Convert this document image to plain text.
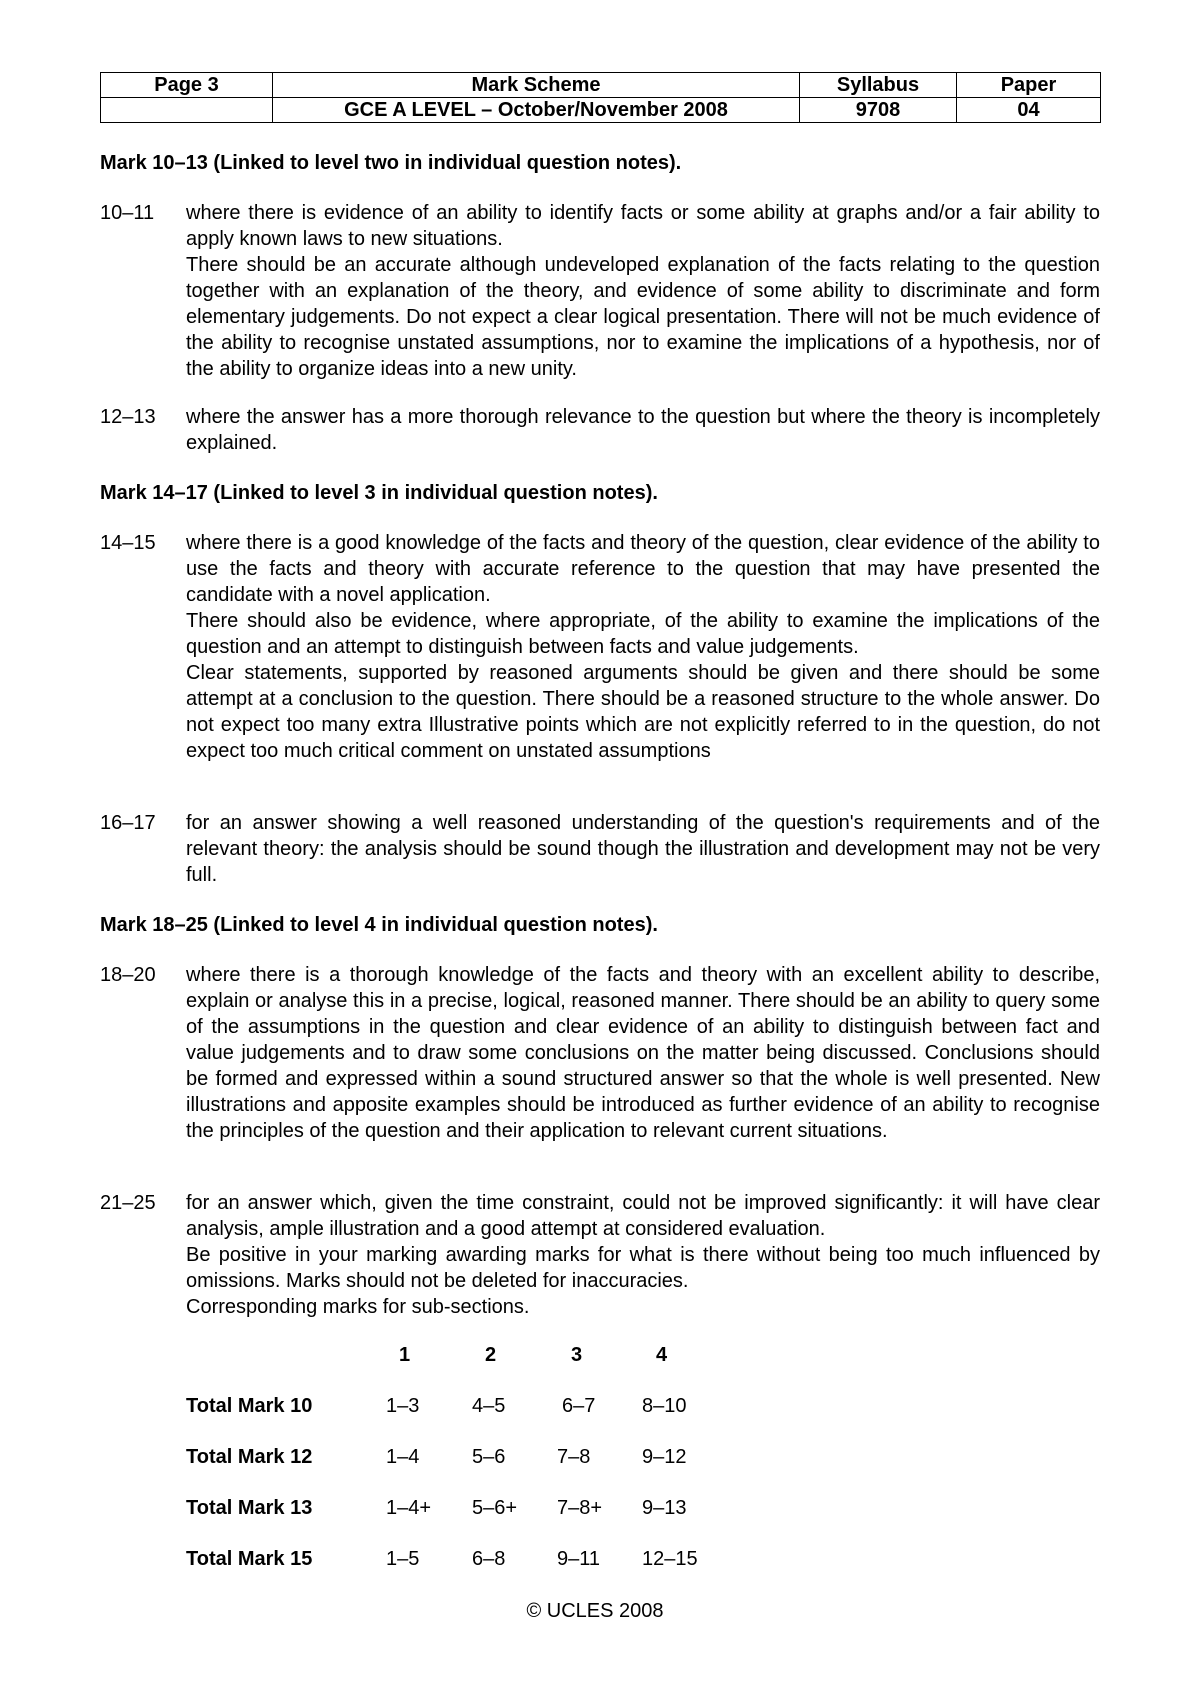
Page 3	Mark Scheme	Syllabus	Paper
	GCE A LEVEL – October/November 2008	9708	04

Mark 10–13 (Linked to level two in individual question notes).

10–11	where there is evidence of an ability to identify facts or some ability at graphs and/or a fair ability to apply known laws to new situations.

There should be an accurate although undeveloped explanation of the facts relating to the question together with an explanation of the theory, and evidence of some ability to discriminate and form elementary judgements. Do not expect a clear logical presentation. There will not be much evidence of the ability to recognise unstated assumptions, nor to examine the implications of a hypothesis, nor of the ability to organize ideas into a new unity.

12–13	where the answer has a more thorough relevance to the question but where the theory is incompletely explained.

Mark 14–17 (Linked to level 3 in individual question notes).

14–15	where there is a good knowledge of the facts and theory of the question, clear evidence of the ability to use the facts and theory with accurate reference to the question that may have presented the candidate with a novel application.

There should also be evidence, where appropriate, of the ability to examine the implications of the question and an attempt to distinguish between facts and value judgements.

Clear statements, supported by reasoned arguments should be given and there should be some attempt at a conclusion to the question. There should be a reasoned structure to the whole answer. Do not expect too many extra Illustrative points which are not explicitly referred to in the question, do not expect too much critical comment on unstated assumptions

16–17	for an answer showing a well reasoned understanding of the question's requirements and of the relevant theory: the analysis should be sound though the illustration and development may not be very full.

Mark 18–25 (Linked to level 4 in individual question notes).

18–20	where there is a thorough knowledge of the facts and theory with an excellent ability to describe, explain or analyse this in a precise, logical, reasoned manner. There should be an ability to query some of the assumptions in the question and clear evidence of an ability to distinguish between fact and value judgements and to draw some conclusions on the matter being discussed. Conclusions should be formed and expressed within a sound structured answer so that the whole is well presented. New illustrations and apposite examples should be introduced as further evidence of an ability to recognise the principles of the question and their application to relevant current situations.

21–25	for an answer which, given the time constraint, could not be improved significantly: it will have clear analysis, ample illustration and a good attempt at considered evaluation.

Be positive in your marking awarding marks for what is there without being too much influenced by omissions. Marks should not be deleted for inaccuracies.

Corresponding marks for sub-sections.

1	2	3	4
Total Mark 10	1–3	4–5	6–7 8–10
Total Mark 12	1–4	5–6	7–8	9–12
Total Mark 13	1–4+ 5–6+ 7–8+ 9–13
Total Mark 15	1–5	6–8	9–11 12–15
© UCLES 2008
